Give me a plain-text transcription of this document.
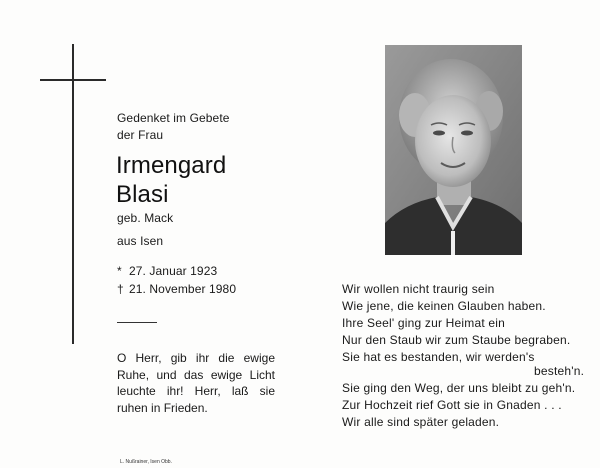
Gedenket im Gebete
der Frau
Irmengard
Blasi
geb. Mack
aus Isen
* 27. Januar 1923
† 21. November 1980
O Herr, gib ihr die ewige Ruhe, und das ewige Licht leuchte ihr! Herr, laß sie ruhen in Frieden.
Wir wollen nicht traurig sein
Wie jene, die keinen Glauben haben.
Ihre Seel' ging zur Heimat ein
Nur den Staub wir zum Staube begraben.
Sie hat es bestanden, wir werden's
besteh'n.
Sie ging den Weg, der uns bleibt zu geh'n.
Zur Hochzeit rief Gott sie in Gnaden . . .
Wir alle sind später geladen.
L. Nußrainer, Isen Obb.
